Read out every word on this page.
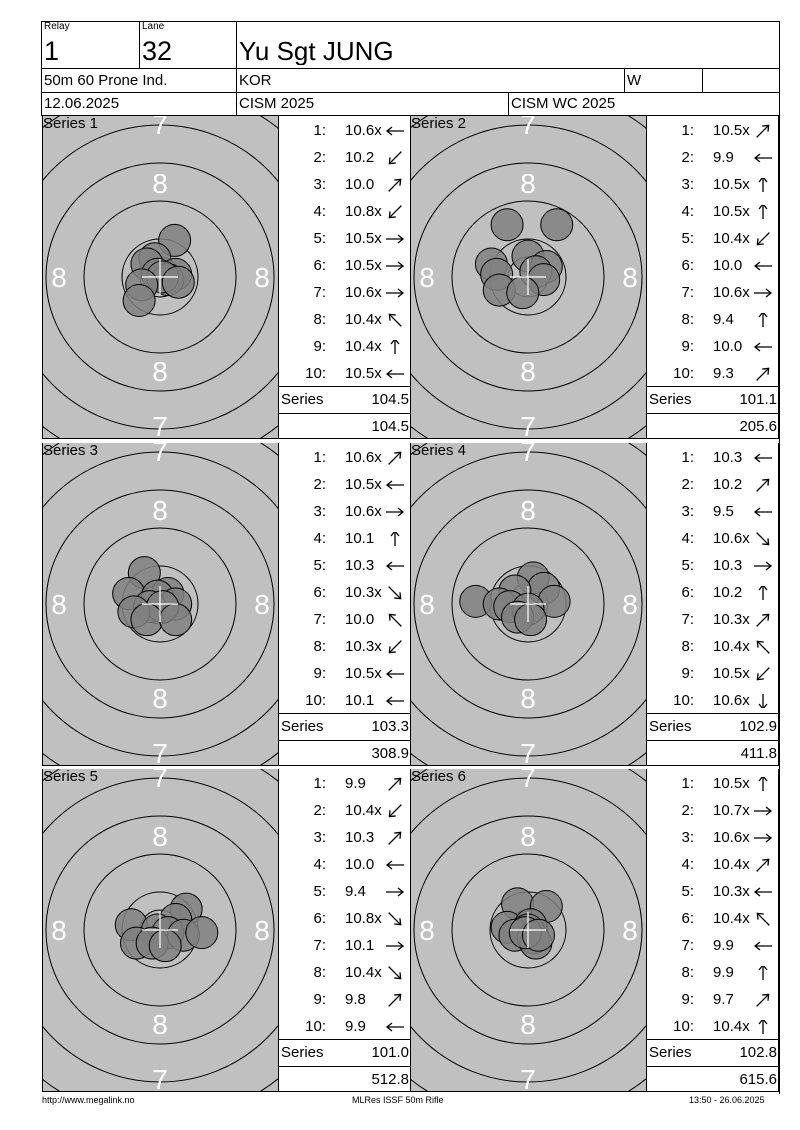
Relay
1
Lane
32	Yu Sgt JUNG
50m 60 Prone Ind.	KOR	W
12.06.2025	CISM 2025	CISM WC 2025
7
7
8
8
8	8
Series 1	1: 10.6x
2: 10.2
3: 10.0
4: 10.8x
5: 10.5x
6: 10.5x
7: 10.6x
8: 10.4x
9: 10.4x
10: 10.5x
Series	104.5
104.5
7
7
8
8
8	8
Series 2	1: 10.5x
2: 9.9
3: 10.5x
4: 10.5x
5: 10.4x
6: 10.0
7: 10.6x
8: 9.4
9: 10.0
10: 9.3
Series	101.1
205.6
7
7
8
8
8	8
Series 3	1: 10.6x
2: 10.5x
3: 10.6x
4: 10.1
5: 10.3
6: 10.3x
7: 10.0
8: 10.3x
9: 10.5x
10: 10.1
Series	103.3
308.9
7
7
8
8
8	8
Series 4	1: 10.3
2: 10.2
3: 9.5
4: 10.6x
5: 10.3
6: 10.2
7: 10.3x
8: 10.4x
9: 10.5x
10: 10.6x
Series	102.9
411.8
7
7
8
8
8	8
Series 5	1: 9.9
2: 10.4x
3: 10.3
4: 10.0
5: 9.4
6: 10.8x
7: 10.1
8: 10.4x
9: 9.8
10: 9.9
Series	101.0
512.8
7
7
8
8
8	8
Series 6	1: 10.5x
2: 10.7x
3: 10.6x
4: 10.4x
5: 10.3x
6: 10.4x
7: 9.9
8: 9.9
9: 9.7
10: 10.4x
Series	102.8
615.6
http://www.megalink.no	MLRes ISSF 50m Rifle	13:50 - 26.06.2025
